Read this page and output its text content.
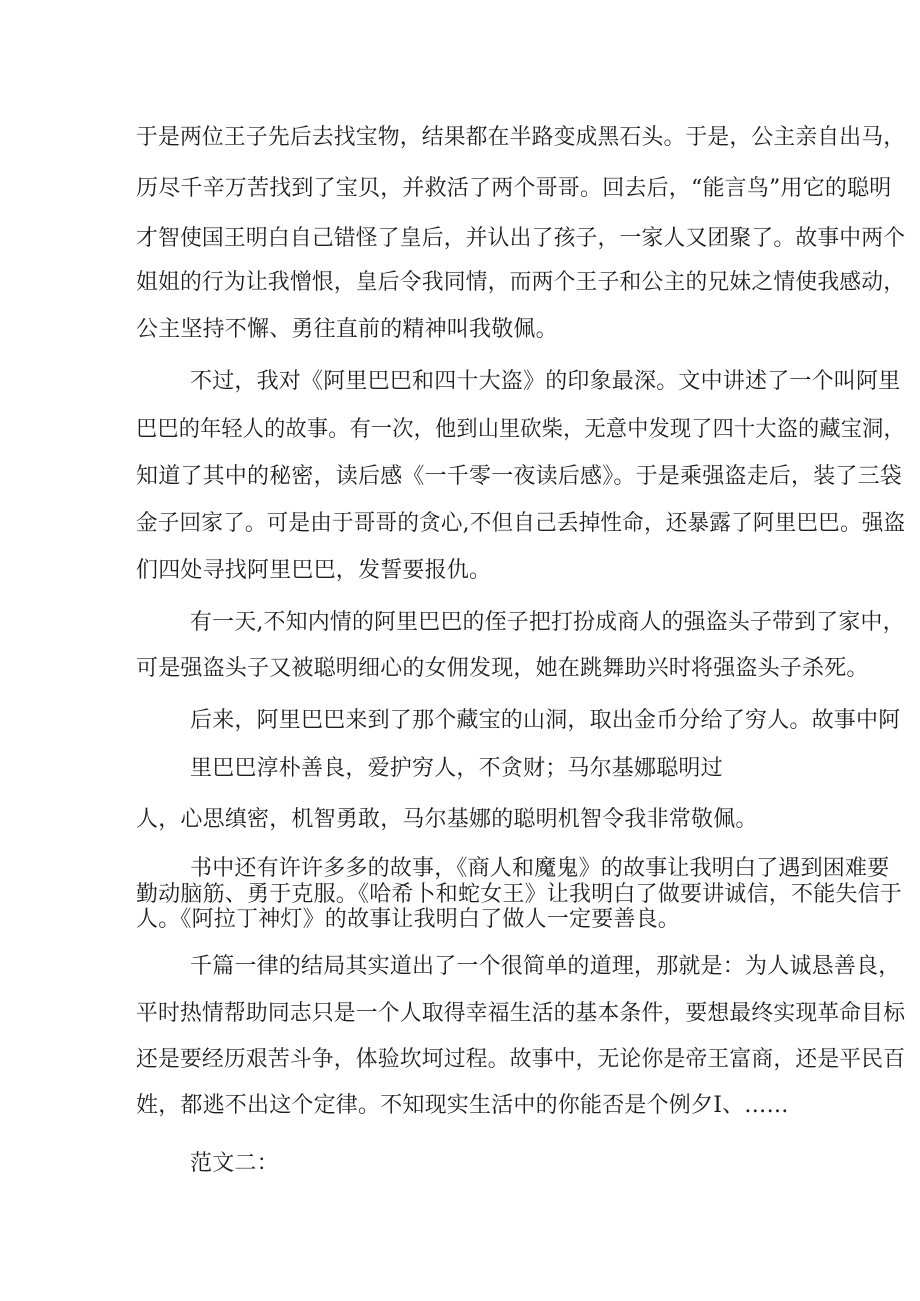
于是两位王子先后去找宝物，结果都在半路变成黑石头。于是，公主亲自出马，
历尽千辛万苦找到了宝贝，并救活了两个哥哥。回去后，“能言鸟”用它的聪明
才智使国王明白自己错怪了皇后，并认出了孩子，一家人又团聚了。故事中两个
姐姐的行为让我憎恨，皇后令我同情，而两个王子和公主的兄妹之情使我感动，
公主坚持不懈、勇往直前的精神叫我敬佩。
不过，我对《阿里巴巴和四十大盗》的印象最深。文中讲述了一个叫阿里
巴巴的年轻人的故事。有一次，他到山里砍柴，无意中发现了四十大盗的藏宝洞，
知道了其中的秘密，读后感《一千零一夜读后感》。于是乘强盗走后，装了三袋
金子回家了。可是由于哥哥的贪心,不但自己丢掉性命，还暴露了阿里巴巴。强盗
们四处寻找阿里巴巴，发誓要报仇。
有一天,不知内情的阿里巴巴的侄子把打扮成商人的强盗头子带到了家中，
可是强盗头子又被聪明细心的女佣发现，她在跳舞助兴时将强盗头子杀死。
后来，阿里巴巴来到了那个藏宝的山洞，取出金币分给了穷人。故事中阿
里巴巴淳朴善良，爱护穷人，不贪财；马尔基娜聪明过
人，心思缜密，机智勇敢，马尔基娜的聪明机智令我非常敬佩。
书中还有许许多多的故事，《商人和魔鬼》的故事让我明白了遇到困难要
勤动脑筋、勇于克服。《哈希卜和蛇女王》让我明白了做要讲诚信，不能失信于
人。《阿拉丁神灯》的故事让我明白了做人一定要善良。
千篇一律的结局其实道出了一个很简单的道理，那就是：为人诚恳善良，
平时热情帮助同志只是一个人取得幸福生活的基本条件，要想最终实现革命目标
还是要经历艰苦斗争，体验坎坷过程。故事中，无论你是帝王富商，还是平民百
姓，都逃不出这个定律。不知现实生活中的你能否是个例夕I、……
范文二：
